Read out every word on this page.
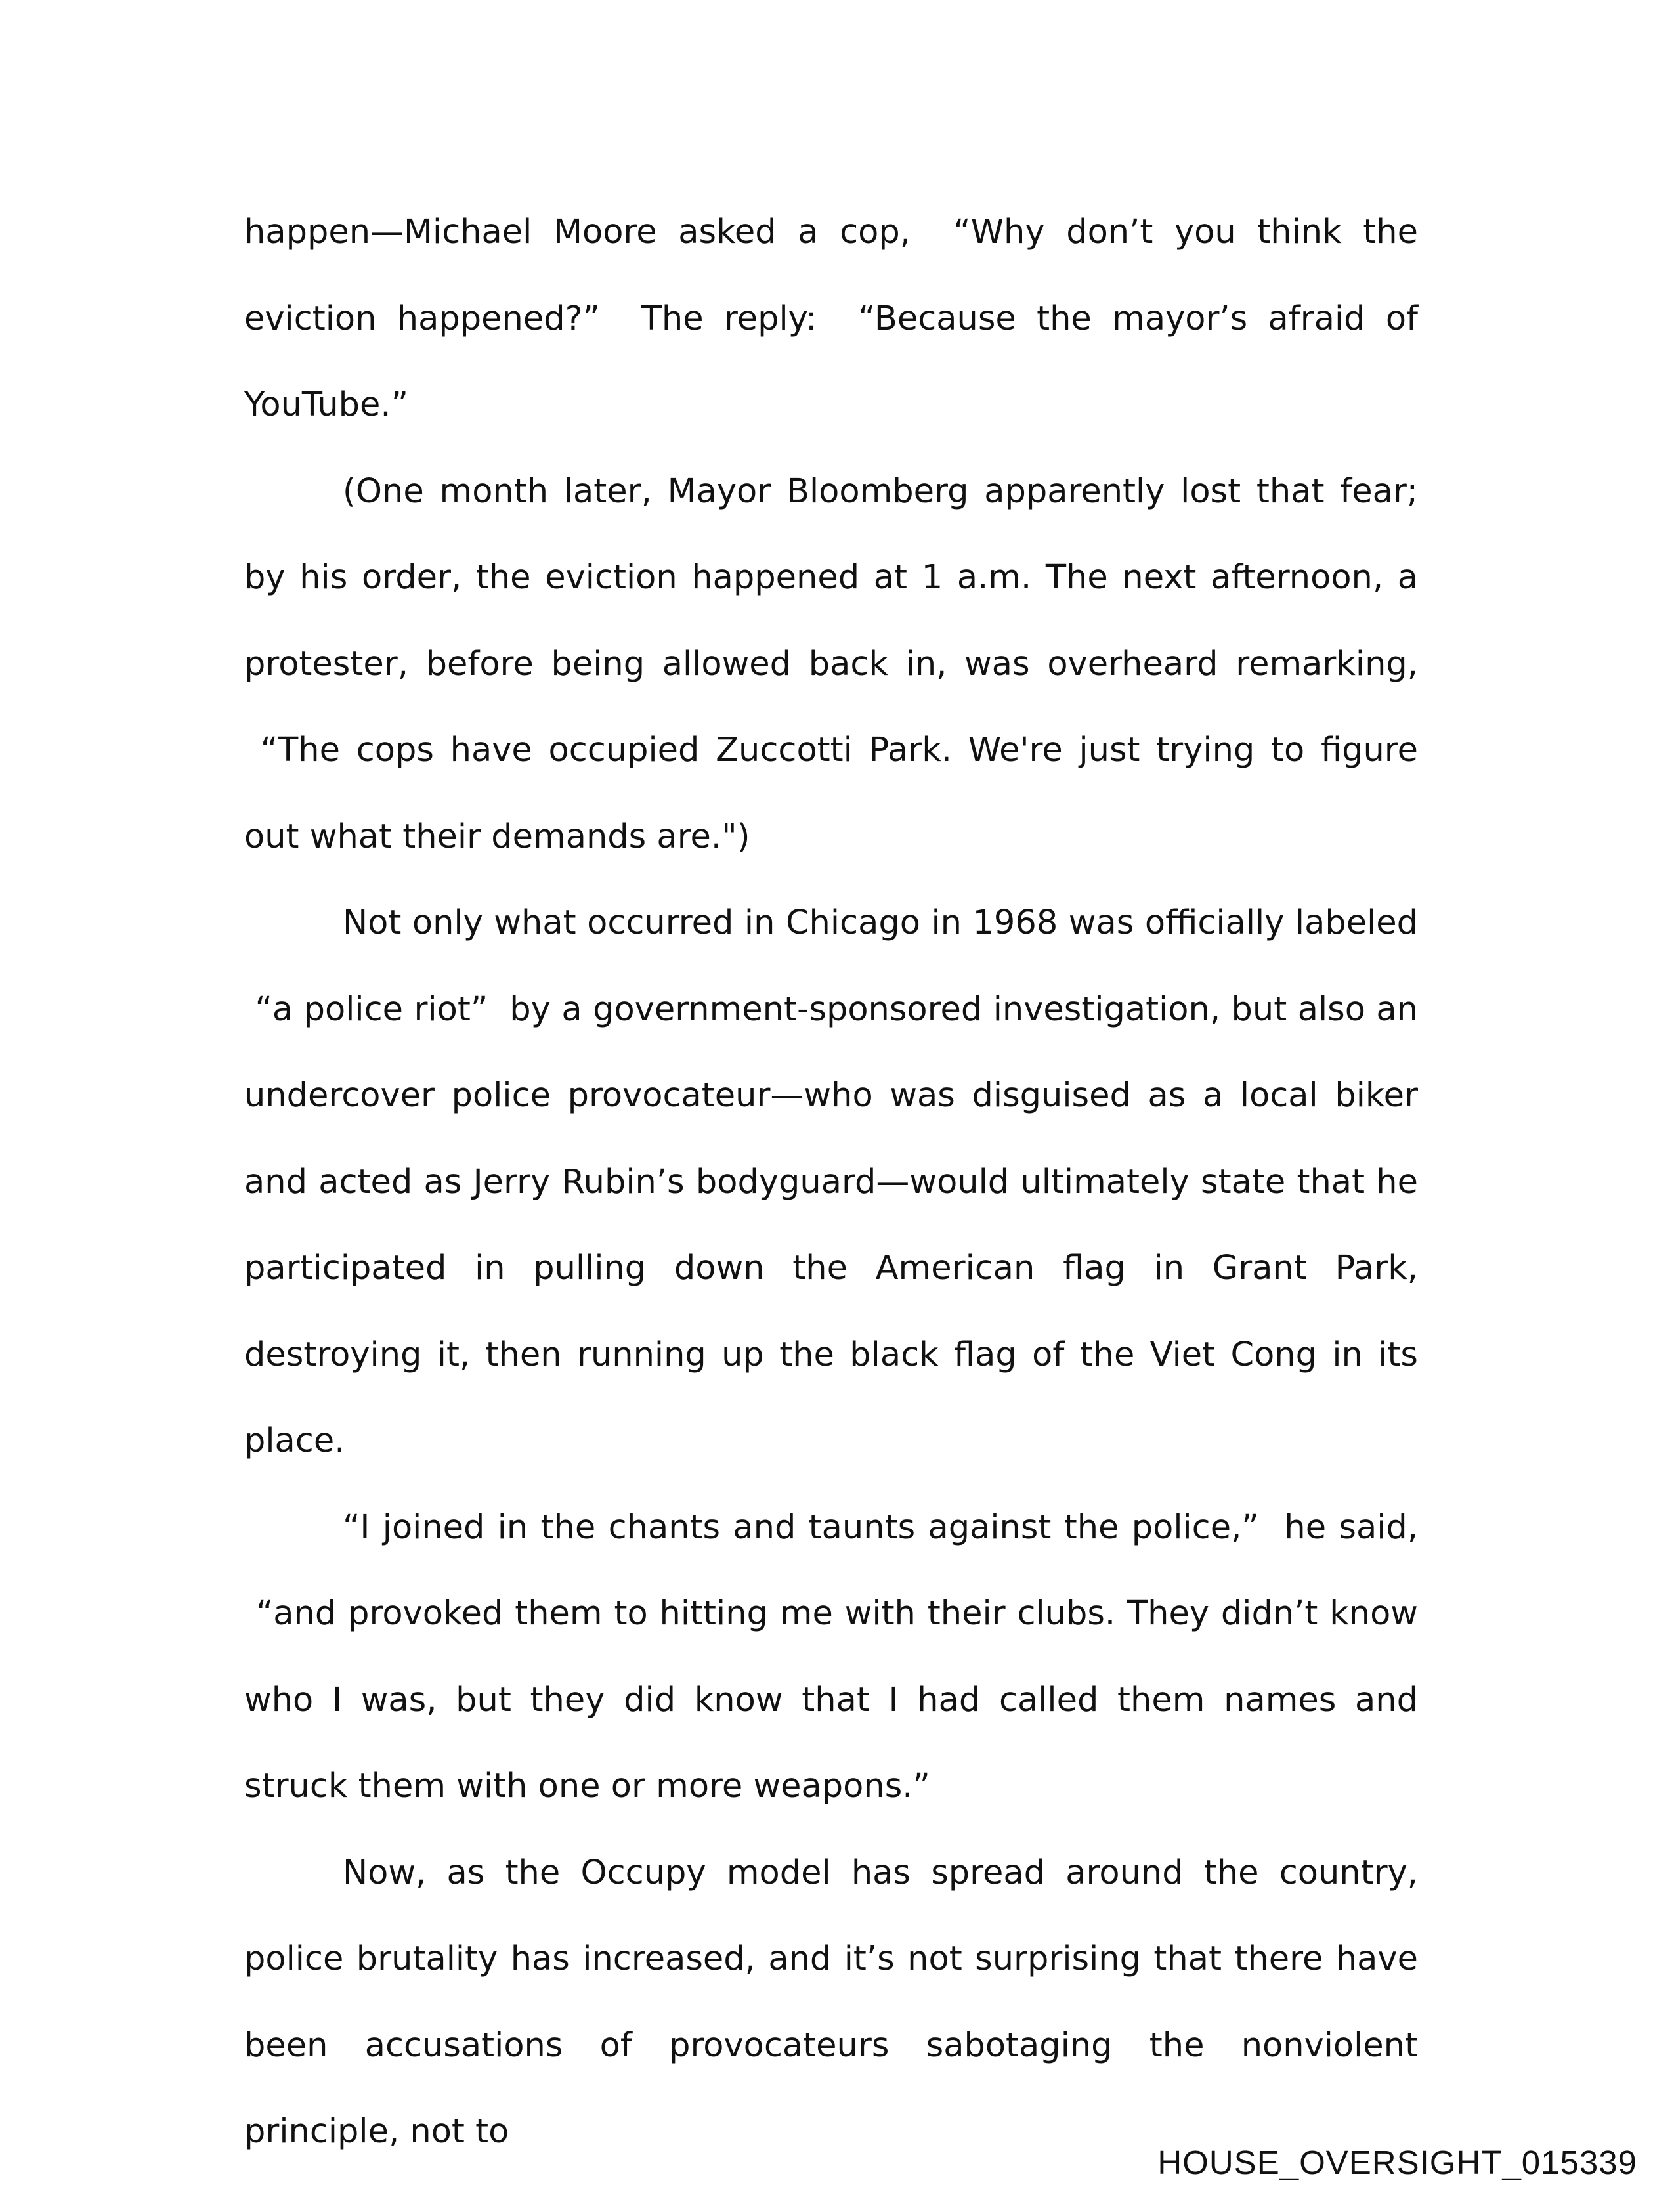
happen—Michael Moore asked a cop,  “Why don’t you think the eviction happened?”  The reply:  “Because the mayor’s afraid of YouTube.”

(One month later, Mayor Bloomberg apparently lost that fear; by his order, the eviction happened at 1 a.m. The next afternoon, a protester, before being allowed back in, was overheard remarking,  “The cops have occupied Zuccotti Park. We're just trying to figure out what their demands are.")

Not only what occurred in Chicago in 1968 was officially labeled  “a police riot”  by a government-sponsored investigation, but also an undercover police provocateur—who was disguised as a local biker and acted as Jerry Rubin’s bodyguard—would ultimately state that he participated in pulling down the American flag in Grant Park, destroying it, then running up the black flag of the Viet Cong in its place.

“I joined in the chants and taunts against the police,”  he said,  “and provoked them to hitting me with their clubs. They didn’t know who I was, but they did know that I had called them names and struck them with one or more weapons.”

Now, as the Occupy model has spread around the country, police brutality has increased, and it’s not surprising that there have been accusations of provocateurs sabotaging the nonviolent principle, not to

HOUSE_OVERSIGHT_015339
